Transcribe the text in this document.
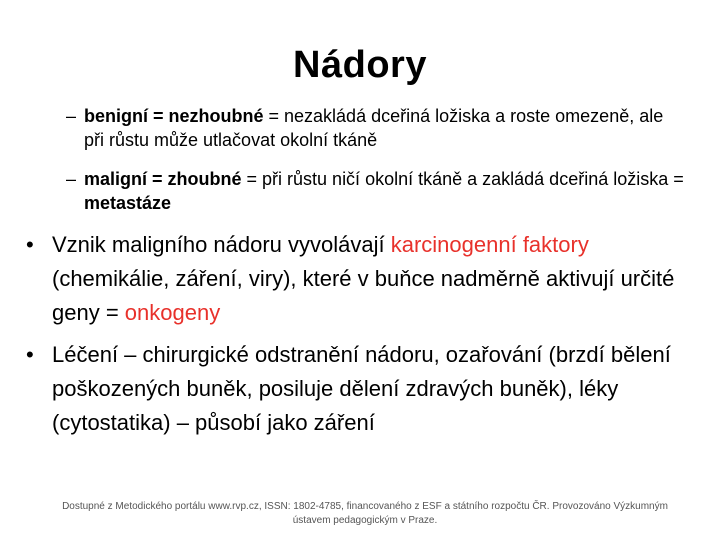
Nádory
– benigní = nezhoubné = nezakládá dceřiná ložiska a roste omezeně, ale při růstu může utlačovat okolní tkáně
– maligní = zhoubné = při růstu ničí okolní tkáně a zakládá dceřiná ložiska = metastáze
• Vznik maligního nádoru vyvolávají karcinogenní faktory (chemikálie, záření, viry), které v buňce nadměrně aktivují určité geny = onkogeny
• Léčení – chirurgické odstranění nádoru, ozařování (brzdí bělení poškozených buněk, posiluje dělení zdravých buněk), léky (cytostatika) – působí jako záření
Dostupné z Metodického portálu www.rvp.cz, ISSN: 1802-4785, financovaného z ESF a státního rozpočtu ČR. Provozováno Výzkumným ústavem pedagogickým v Praze.
